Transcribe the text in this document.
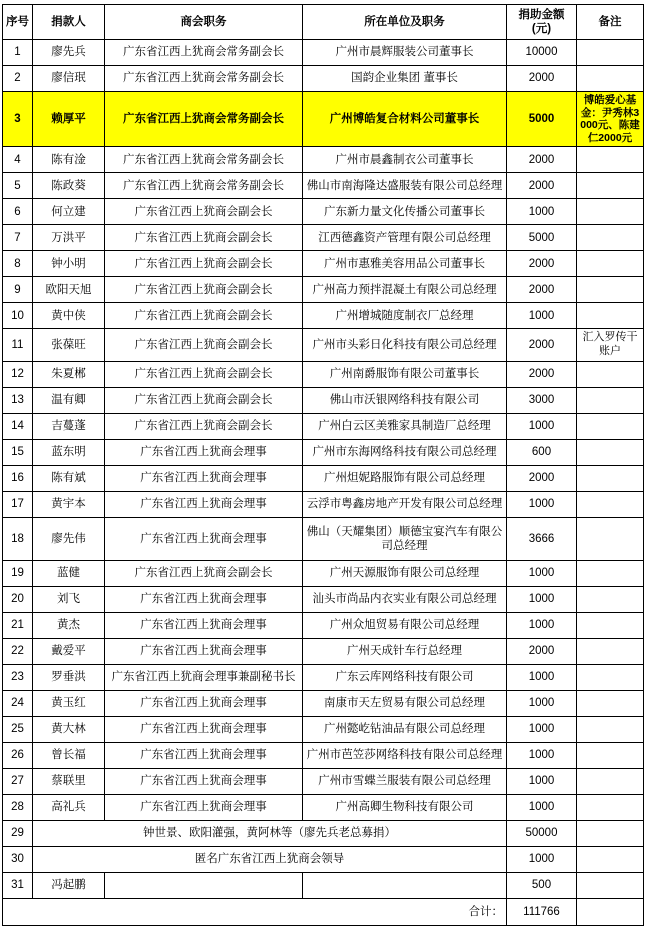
序号	捐款人	商会职务	所在单位及职务	捐助金额
(元)	备注
1	廖先兵	广东省江西上犹商会常务副会长	广州市晨辉服装公司董事长	10000	
2	廖信珉	广东省江西上犹商会常务副会长	国韵企业集团 董事长	2000	
3	赖厚平	广东省江西上犹商会常务副会长	广州博皓复合材料公司董事长	5000	博皓爱心基金：尹秀林3000元、陈建仁2000元
4	陈有淦	广东省江西上犹商会常务副会长	广州市晨鑫制衣公司董事长	2000	
5	陈政葵	广东省江西上犹商会常务副会长	佛山市南海隆达盛服装有限公司总经理	2000	
6	何立建	广东省江西上犹商会副会长	广东新力量文化传播公司董事长	1000	
7	万洪平	广东省江西上犹商会副会长	江西德鑫资产管理有限公司总经理	5000	
8	钟小明	广东省江西上犹商会副会长	广州市惠雅美容用品公司董事长	2000	
9	欧阳天旭	广东省江西上犹商会副会长	广州高力预拌混凝土有限公司总经理	2000	
10	黄中侠	广东省江西上犹商会副会长	广州增城随度制衣厂总经理	1000	
11	张葆旺	广东省江西上犹商会副会长	广州市头彩日化科技有限公司总经理	2000	汇入罗传干账户
12	朱夏郴	广东省江西上犹商会副会长	广州南爵服饰有限公司董事长	2000	
13	温有卿	广东省江西上犹商会副会长	佛山市沃银网络科技有限公司	3000	
14	吉蔓蓬	广东省江西上犹商会副会长	广州白云区美雅家具制造厂总经理	1000	
15	蓝东明	广东省江西上犹商会理事	广州市东海网络科技有限公司总经理	600	
16	陈有斌	广东省江西上犹商会理事	广州炟妮路服饰有限公司总经理	2000	
17	黄宇本	广东省江西上犹商会理事	云浮市粤鑫房地产开发有限公司总经理	1000	
18	廖先伟	广东省江西上犹商会理事	佛山（天耀集团）顺德宝宴汽车有限公司总经理	3666	
19	蓝健	广东省江西上犹商会副会长	广州天源服饰有限公司总经理	1000	
20	刘飞	广东省江西上犹商会理事	汕头市尚品内衣实业有限公司总经理	1000	
21	黄杰	广东省江西上犹商会理事	广州众旭贸易有限公司总经理	1000	
22	戴爱平	广东省江西上犹商会理事	广州天成针车行总经理	2000	
23	罗垂洪	广东省江西上犹商会理事兼副秘书长	广东云库网络科技有限公司	1000	
24	黄玉红	广东省江西上犹商会理事	南康市天左贸易有限公司总经理	1000	
25	黄大林	广东省江西上犹商会理事	广州懿屹钻油品有限公司总经理	1000	
26	曾长福	广东省江西上犹商会理事	广州市芭笠莎网络科技有限公司总经理	1000	
27	蔡联里	广东省江西上犹商会理事	广州市雪蝶兰服装有限公司总经理	1000	
28	高礼兵	广东省江西上犹商会理事	广州高卿生物科技有限公司	1000	
29	钟世景、欧阳灌强，黄阿林等（廖先兵老总募捐）			50000	
30	匿名广东省江西上犹商会领导			1000	
31	冯起鹏			500	
合计：				111766	
